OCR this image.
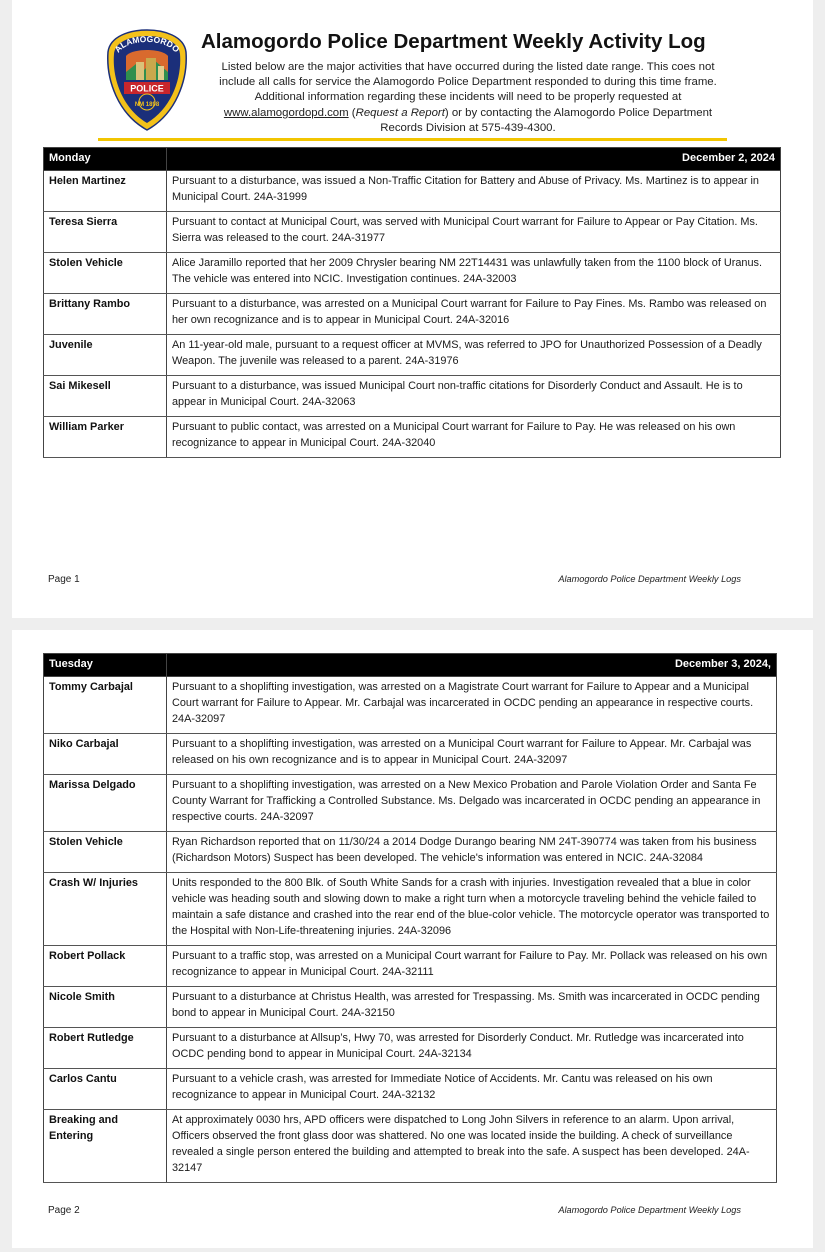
POLICE
ALAMOGORDO
NM 1898
Alamogordo Police Department Weekly Activity Log
Listed below are the major activities that have occurred during the listed date range. This coes not
include all calls for service the Alamogordo Police Department responded to during this time frame.
Additional information regarding these incidents will need to be properly requested at
www.alamogordopd.com (Request a Report) or by contacting the Alamogordo Police Department
Records Division at 575-439-4300.
Monday	December 2, 2024
Helen Martinez	Pursuant to a disturbance, was issued a Non-Traffic Citation for Battery and Abuse of Privacy. Ms. Martinez is to appear in Municipal Court. 24A-31999
Teresa Sierra	Pursuant to contact at Municipal Court, was served with Municipal Court warrant for Failure to Appear or Pay Citation. Ms. Sierra was released to the court. 24A-31977
Stolen Vehicle	Alice Jaramillo reported that her 2009 Chrysler bearing NM 22T14431 was unlawfully taken from the 1100 block of Uranus. The vehicle was entered into NCIC. Investigation continues. 24A-32003
Brittany Rambo	Pursuant to a disturbance, was arrested on a Municipal Court warrant for Failure to Pay Fines. Ms. Rambo was released on her own recognizance and is to appear in Municipal Court. 24A-32016
Juvenile	An 11-year-old male, pursuant to a request officer at MVMS, was referred to JPO for Unauthorized Possession of a Deadly Weapon. The juvenile was released to a parent. 24A-31976
Sai Mikesell	Pursuant to a disturbance, was issued Municipal Court non-traffic citations for Disorderly Conduct and Assault. He is to appear in Municipal Court. 24A-32063
William Parker	Pursuant to public contact, was arrested on a Municipal Court warrant for Failure to Pay. He was released on his own recognizance to appear in Municipal Court. 24A-32040
Page 1	Alamogordo Police Department Weekly Logs
Tuesday	December 3, 2024,
Tommy Carbajal	Pursuant to a shoplifting investigation, was arrested on a Magistrate Court warrant for Failure to Appear and a Municipal Court warrant for Failure to Appear. Mr. Carbajal was incarcerated in OCDC pending an appearance in respective courts. 24A-32097
Niko Carbajal	Pursuant to a shoplifting investigation, was arrested on a Municipal Court warrant for Failure to Appear. Mr. Carbajal was released on his own recognizance and is to appear in Municipal Court. 24A-32097
Marissa Delgado	Pursuant to a shoplifting investigation, was arrested on a New Mexico Probation and Parole Violation Order and Santa Fe County Warrant for Trafficking a Controlled Substance. Ms. Delgado was incarcerated in OCDC pending an appearance in respective courts. 24A-32097
Stolen Vehicle	Ryan Richardson reported that on 11/30/24 a 2014 Dodge Durango bearing NM 24T-390774 was taken from his business (Richardson Motors) Suspect has been developed. The vehicle's information was entered in NCIC. 24A-32084
Crash W/ Injuries	Units responded to the 800 Blk. of South White Sands for a crash with injuries. Investigation revealed that a blue in color vehicle was heading south and slowing down to make a right turn when a motorcycle traveling behind the vehicle failed to maintain a safe distance and crashed into the rear end of the blue-color vehicle. The motorcycle operator was transported to the Hospital with Non-Life-threatening injuries. 24A-32096
Robert Pollack	Pursuant to a traffic stop, was arrested on a Municipal Court warrant for Failure to Pay. Mr. Pollack was released on his own recognizance to appear in Municipal Court. 24A-32111
Nicole Smith	Pursuant to a disturbance at Christus Health, was arrested for Trespassing. Ms. Smith was incarcerated in OCDC pending bond to appear in Municipal Court. 24A-32150
Robert Rutledge	Pursuant to a disturbance at Allsup’s, Hwy 70, was arrested for Disorderly Conduct. Mr. Rutledge was incarcerated into OCDC pending bond to appear in Municipal Court. 24A-32134
Carlos Cantu	Pursuant to a vehicle crash, was arrested for Immediate Notice of Accidents. Mr. Cantu was released on his own recognizance to appear in Municipal Court. 24A-32132
Breaking and Entering	At approximately 0030 hrs, APD officers were dispatched to Long John Silvers in reference to an alarm. Upon arrival, Officers observed the front glass door was shattered. No one was located inside the building. A check of surveillance revealed a single person entered the building and attempted to break into the safe. A suspect has been developed. 24A-32147
Page 2	Alamogordo Police Department Weekly Logs
